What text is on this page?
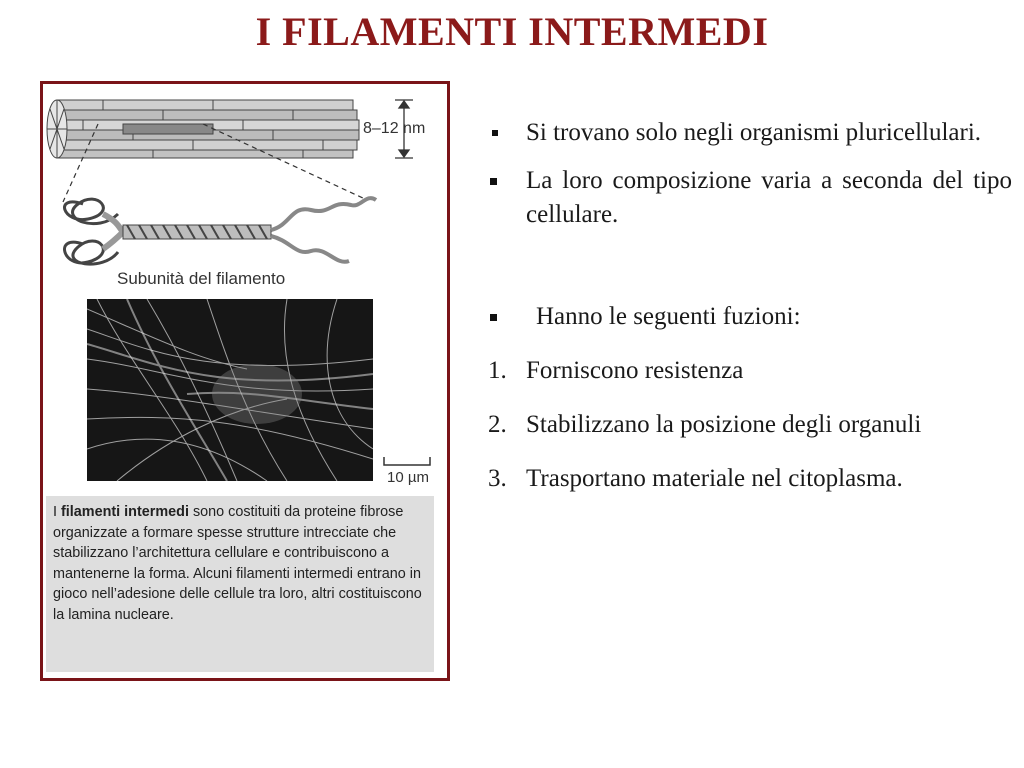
I FILAMENTI INTERMEDI
8–12 nm
Subunità del filamento
10 µm
I filamenti intermedi sono costituiti da proteine fibrose organizzate a formare spesse strutture intrecciate che stabilizzano l’architettura cellulare e contribuiscono a mantenerne la forma. Alcuni filamenti intermedi entrano in gioco nell’adesione delle cellule tra loro, altri costituiscono la lamina nucleare.
Si trovano solo negli organismi pluricellulari.
La loro composizione varia a seconda del tipo cellulare.
Hanno le seguenti fuzioni:
1. Forniscono resistenza
2. Stabilizzano la posizione degli organuli
3. Trasportano materiale nel citoplasma.
